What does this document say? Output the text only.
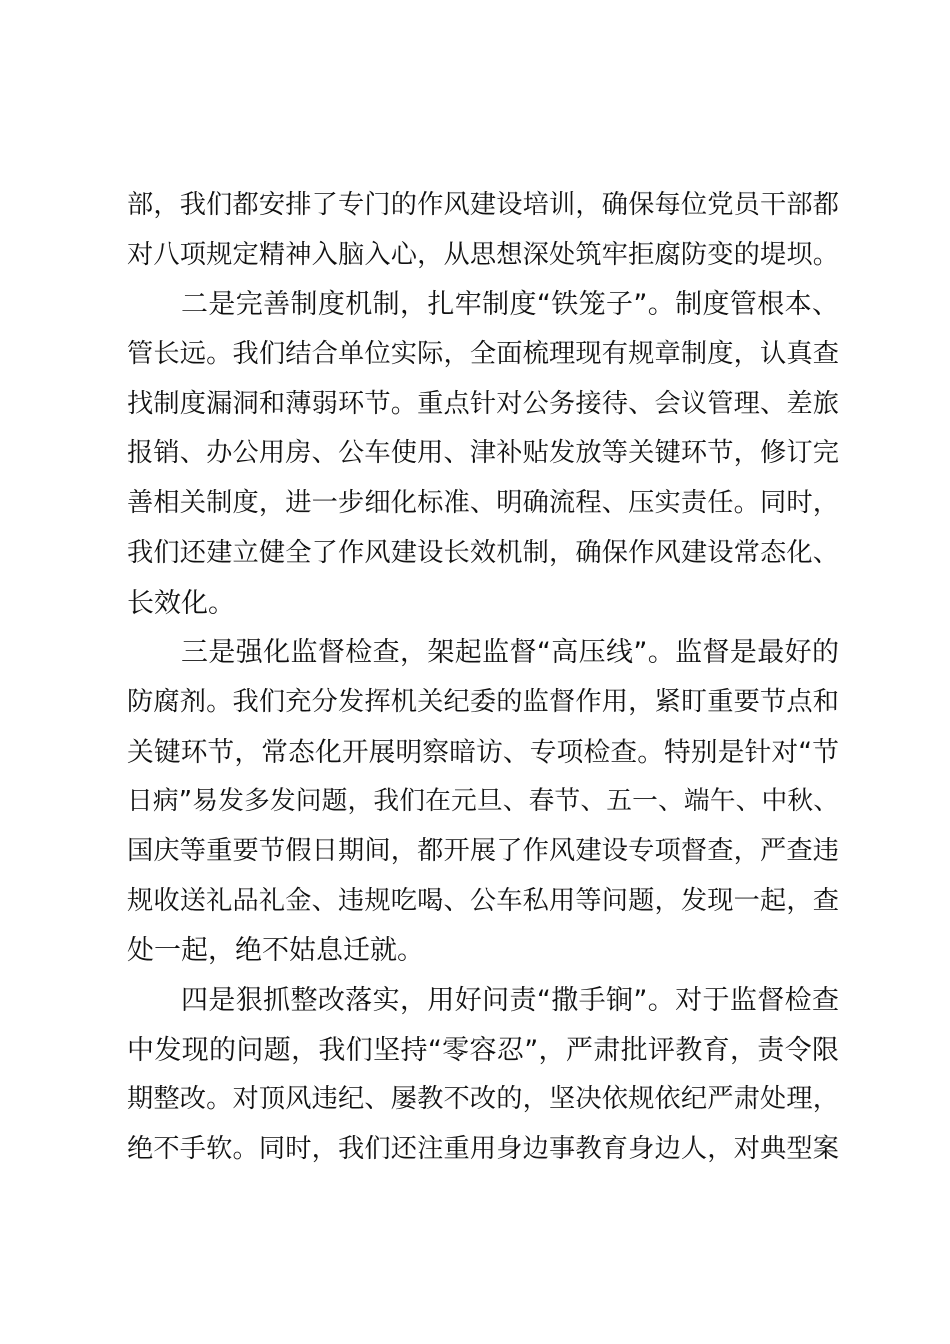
部，我们都安排了专门的作风建设培训，确保每位党员干部都
对八项规定精神入脑入心，从思想深处筑牢拒腐防变的堤坝。
二是完善制度机制，扎牢制度“铁笼子”。制度管根本、
管长远。我们结合单位实际，全面梳理现有规章制度，认真查
找制度漏洞和薄弱环节。重点针对公务接待、会议管理、差旅
报销、办公用房、公车使用、津补贴发放等关键环节，修订完
善相关制度，进一步细化标准、明确流程、压实责任。同时，
我们还建立健全了作风建设长效机制，确保作风建设常态化、
长效化。
三是强化监督检查，架起监督“高压线”。监督是最好的
防腐剂。我们充分发挥机关纪委的监督作用，紧盯重要节点和
关键环节，常态化开展明察暗访、专项检查。特别是针对“节
日病”易发多发问题，我们在元旦、春节、五一、端午、中秋、
国庆等重要节假日期间，都开展了作风建设专项督查，严查违
规收送礼品礼金、违规吃喝、公车私用等问题，发现一起，查
处一起，绝不姑息迁就。
四是狠抓整改落实，用好问责“撒手锏”。对于监督检查
中发现的问题，我们坚持“零容忍”，严肃批评教育，责令限
期整改。对顶风违纪、屡教不改的，坚决依规依纪严肃处理，
绝不手软。同时，我们还注重用身边事教育身边人，对典型案
